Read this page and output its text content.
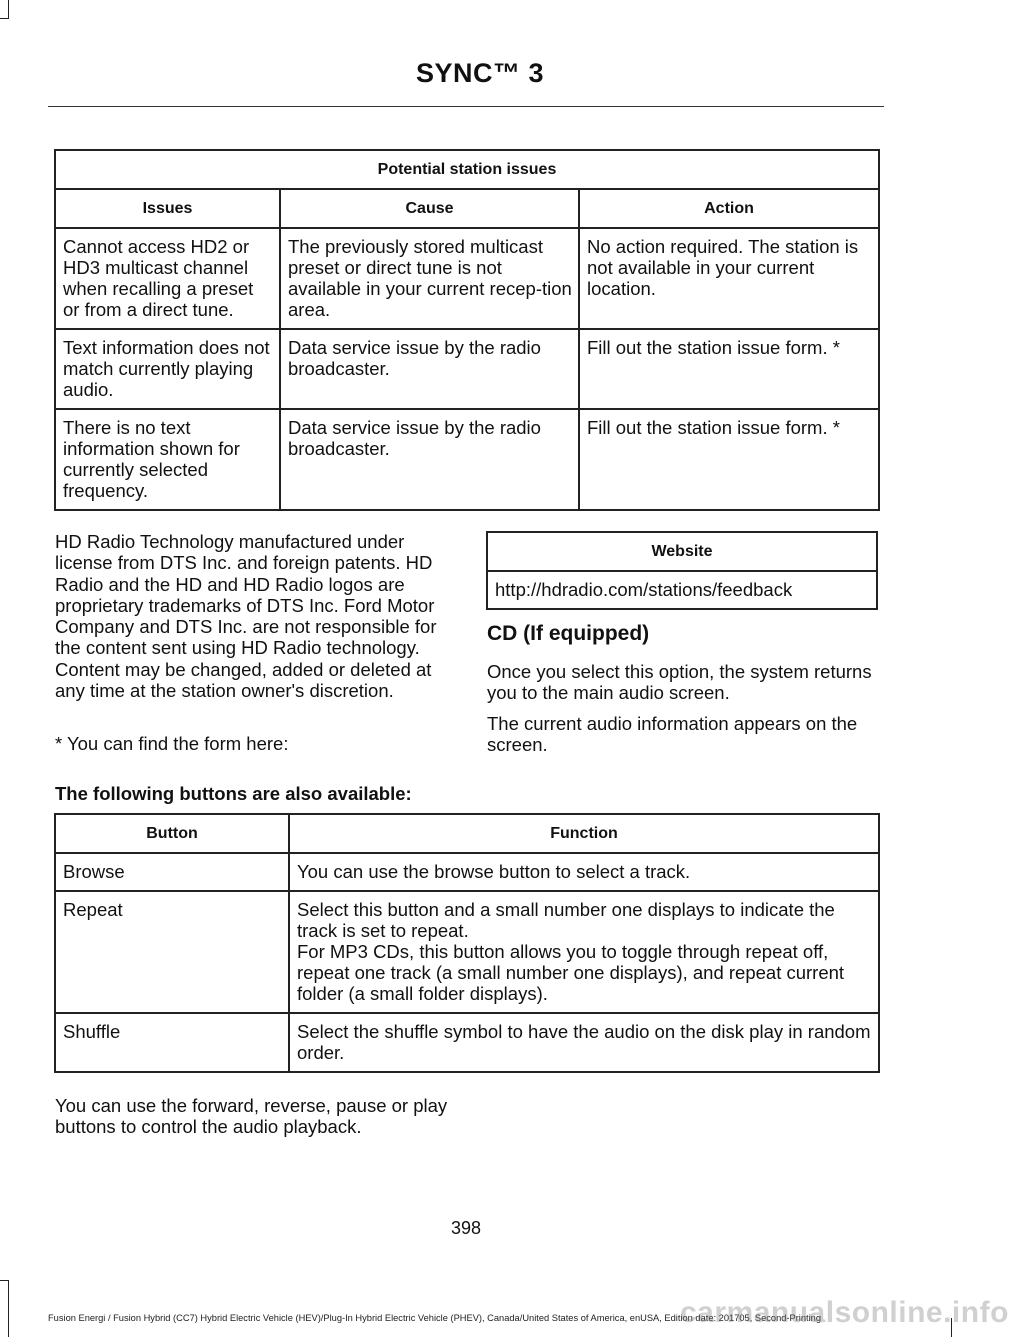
SYNC™ 3
Potential station issues		
Issues	Cause	Action
Cannot access HD2 or HD3 multicast channel when recalling a preset or from a direct tune.	The previously stored multicast preset or direct tune is not available in your current recep-tion area.	No action required. The station is not available in your current location.
Text information does not match currently playing audio.	Data service issue by the radio broadcaster.	Fill out the station issue form. *
There is no text information shown for currently selected frequency.	Data service issue by the radio broadcaster.	Fill out the station issue form. *

HD Radio Technology manufactured under license from DTS Inc. and foreign patents. HD Radio and the HD and HD Radio logos are proprietary trademarks of DTS Inc. Ford Motor Company and DTS Inc. are not responsible for the content sent using HD Radio technology. Content may be changed, added or deleted at any time at the station owner's discretion.

* You can find the form here:

Website
http://hdradio.com/stations/feedback
CD (If equipped)

Once you select this option, the system returns you to the main audio screen.

The current audio information appears on the screen.

The following buttons are also available:
Button	Function
Browse	You can use the browse button to select a track.
Repeat	Select this button and a small number one displays to indicate the track is set to repeat.
For MP3 CDs, this button allows you to toggle through repeat off, repeat one track (a small number one displays), and repeat current folder (a small folder displays).

Shuffle	Select the shuffle symbol to have the audio on the disk play in random order.

You can use the forward, reverse, pause or play buttons to control the audio playback.

398
Fusion Energi / Fusion Hybrid (CC7) Hybrid Electric Vehicle (HEV)/Plug-In Hybrid Electric Vehicle (PHEV), Canada/United States of America, enUSA, Edition date: 201705, Second-Printing
carmanualsonline.info
